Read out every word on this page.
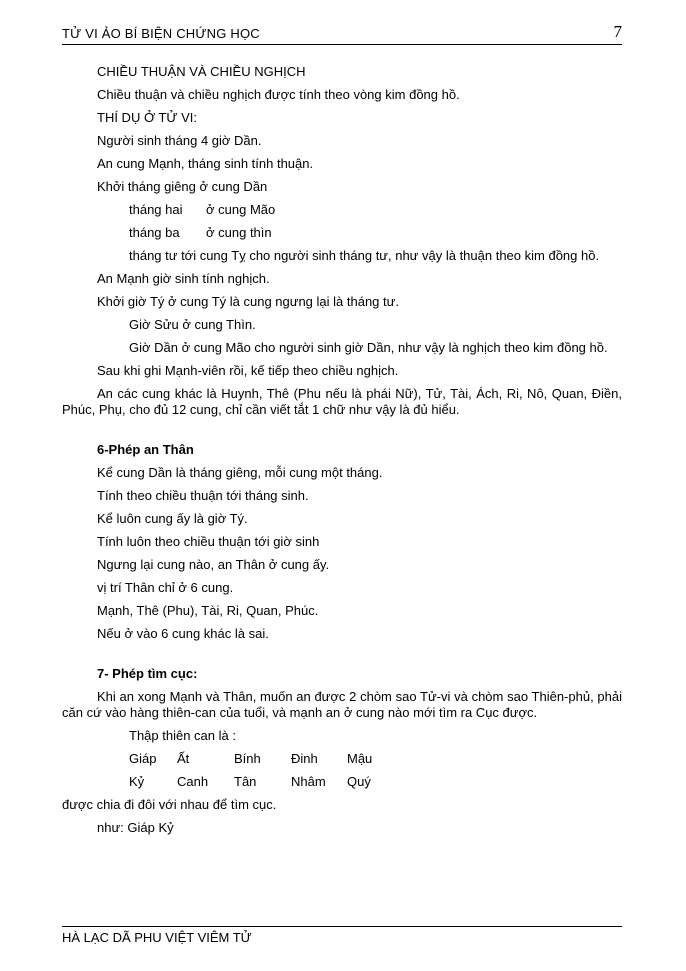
TỬ VI ẢO BÍ BIỆN CHỨNG HỌC	7

CHIỀU THUẬN VÀ CHIỀU NGHỊCH

Chiều thuận và chiều nghịch được tính theo vòng kim đồng hồ.

THÍ DỤ Ở TỬ VI:

Người sinh tháng 4 giờ Dần.

An cung Mạnh, tháng sinh tính thuận.

Khởi tháng giêng ở cung Dần

tháng hai	ở cung Mão
tháng ba	ở cung thìn

tháng tư tới cung Tỵ cho người sinh tháng tư, như vậy là thuận theo kim đồng hồ.

An Mạnh giờ sinh tính nghịch.

Khởi giờ Tý ở cung Tý là cung ngưng lại là tháng tư.

Giờ Sửu ở cung Thìn.

Giờ Dần ở cung Mão cho người sinh giờ Dần, như vậy là nghịch theo kim đồng hồ.

Sau khi ghi Mạnh-viên rồi, kế tiếp theo chiều nghịch.

An các cung khác là Huynh, Thê (Phu nếu là phái Nữ), Tử, Tài, Ách, Ri, Nô, Quan, Điền, Phúc, Phụ, cho đủ 12 cung, chỉ cần viết tắt 1 chữ như vậy là đủ hiểu.

6-Phép an Thân

Kể cung Dần là tháng giêng, mỗi cung một tháng.

Tính theo chiều thuận tới tháng sinh.

Kể luôn cung ấy là giờ Tý.

Tính luôn theo chiều thuận tới giờ sinh

Ngưng lại cung nào, an Thân ở cung ấy.

vị trí Thân chỉ ở 6 cung.

Mạnh, Thê (Phu), Tài, Ri, Quan, Phúc.

Nếu ở vào 6 cung khác là sai.

7- Phép tìm cục:

Khi an xong Mạnh và Thân, muốn an được 2 chòm sao Tử-vi và chòm sao Thiên-phủ, phải căn cứ vào hàng thiên-can của tuổi, và mạnh an ở cung nào mới tìm ra Cục được.

Thập thiên can là :

Giáp Ất	Bính Đinh Mậu
Kỷ	Canh Tân	Nhâm Quý

được chia đi đôi với nhau để tìm cục.

như: Giáp Kỷ

HÀ LẠC DÃ PHU VIỆT VIÊM TỬ
